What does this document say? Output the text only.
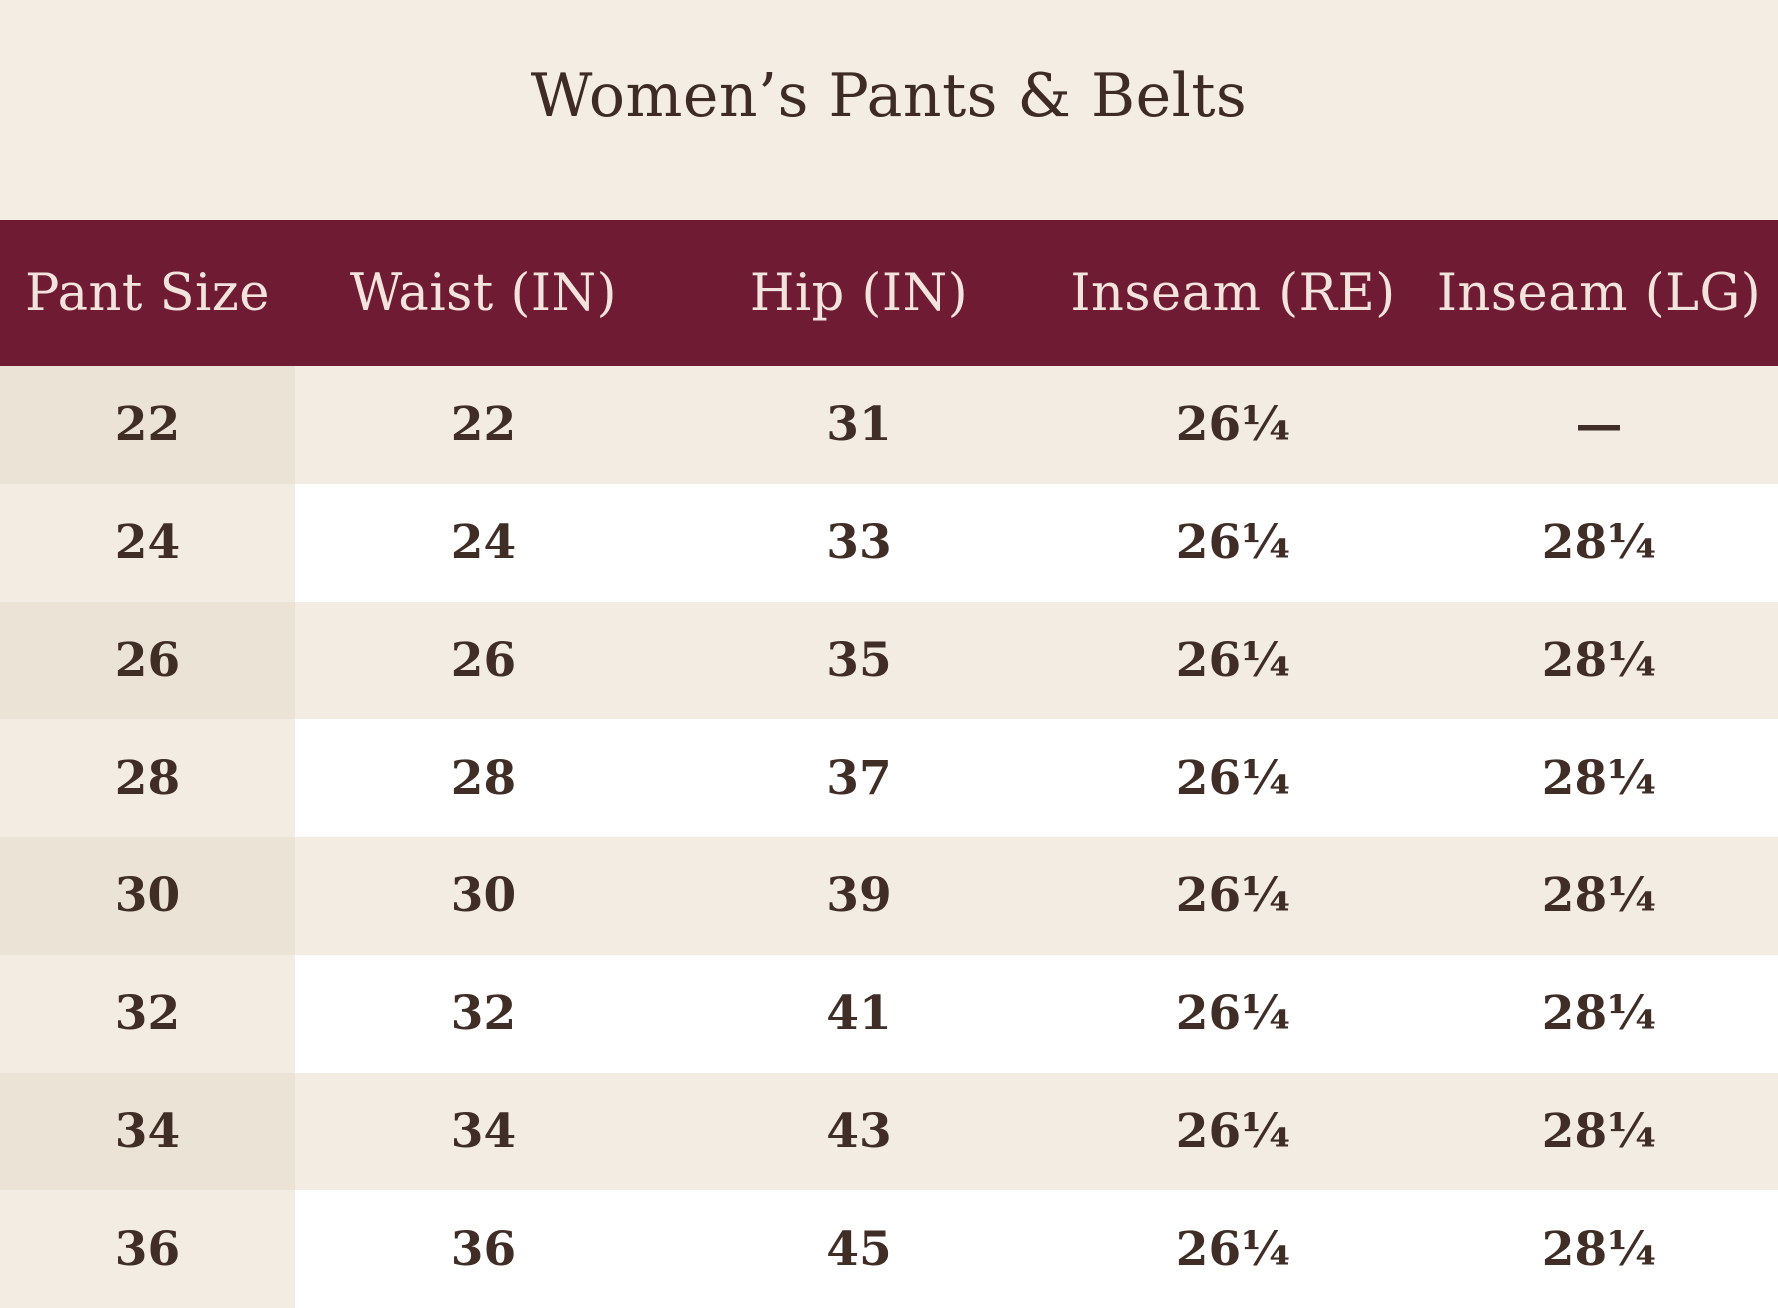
Women’s Pants & Belts
Pant Size	Waist (IN)	Hip (IN)	Inseam (RE)	Inseam (LG)
22	22	31	26¼	—
24	24	33	26¼	28¼
26	26	35	26¼	28¼
28	28	37	26¼	28¼
30	30	39	26¼	28¼
32	32	41	26¼	28¼
34	34	43	26¼	28¼
36	36	45	26¼	28¼
